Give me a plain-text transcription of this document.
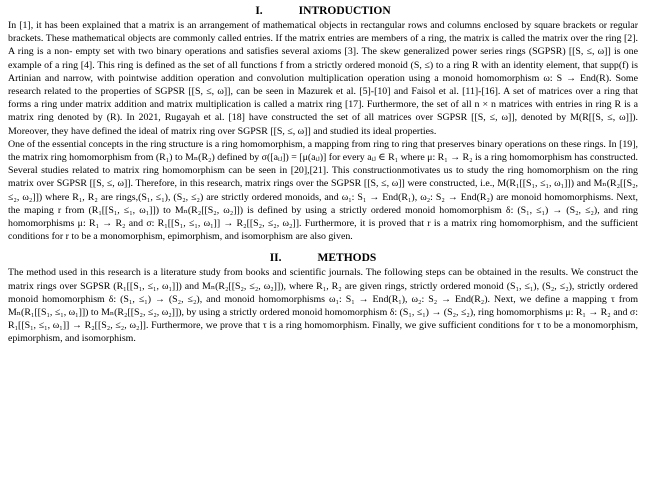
I.	INTRODUCTION

In [1], it has been explained that a matrix is an arrangement of mathematical objects in rectangular rows and columns enclosed by square brackets or regular brackets. These mathematical objects are commonly called entries. If the matrix entries are members of a ring, the matrix is called the matrix over the ring [2]. A ring is a non- empty set with two binary operations and satisfies several axioms [3]. The skew generalized power series rings (SGPSR) [[S, ≤, ω]] is one example of a ring [4]. This ring is defined as the set of all functions f from a strictly ordered monoid (S, ≤) to a ring R with an identity element, that supp(f) is Artinian and narrow, with pointwise addition operation and convolution multiplication operation using a monoid homomorphism ω: S → End(R). Some research related to the properties of SGPSR [[S, ≤, ω]], can be seen in Mazurek et al. [5]-[10] and Faisol et al. [11]-[16]. A set of matrices over a ring that forms a ring under matrix addition and matrix multiplication is called a matrix ring [17]. Furthermore, the set of all n × n matrices with entries in ring R is a matrix ring denoted by (R). In 2021, Rugayah et al. [18] have constructed the set of all matrices over SGPSR [[S, ≤, ω]], denoted by M(R[[S, ≤, ω]]). Moreover, they have defined the ideal of matrix ring over SGPSR [[S, ≤, ω]] and studied its ideal properties.

One of the essential concepts in the ring structure is a ring homomorphism, a mapping from ring to ring that preserves binary operations on these rings. In [19], the matrix ring homomorphism from (R₁) to Mₙ(R₂) defined by σ([aᵢⱼ]) = [μ(aᵢⱼ)] for every aᵢⱼ ∈ R₁ where μ: R₁ → R₂ is a ring homomorphism has constructed. Several studies related to matrix ring homomorphism can be seen in [20],[21]. This constructionmotivates us to study the ring homomorphism on the ring matrix over SGPSR [[S, ≤, ω]]. Therefore, in this research, matrix rings over the SGPSR [[S, ≤, ω]] were constructed, i.e., M(R₁[[S₁, ≤₁, ω₁]]) and Mₙ(R₂[[S₂, ≤₂, ω₂]]) where R₁, R₂ are rings,(S₁, ≤₁), (S₂, ≤₂) are strictly ordered monoids, and ω₁: S₁ → End(R₁), ω₂: S₂ → End(R₂) are monoid homomorphisms. Next, the maping r from (R₁[[S₁, ≤₁, ω₁]]) to Mₙ(R₂[[S₂, ω₂]]) is defined by using a strictly ordered monoid homomorphism δ: (S₁, ≤₁) → (S₂, ≤₂), and ring homomorphisms μ: R₁ → R₂ and σ: R₁[[S₁, ≤₁, ω₁]] → R₂[[S₂, ≤₂, ω₂]]. Furthermore, it is proved that r is a matrix ring homomorphism, and the sufficient conditions for r to be a monomorphism, epimorphism, and isomorphism are also given.

II.	METHODS

The method used in this research is a literature study from books and scientific journals. The following steps can be obtained in the results. We construct the matrix rings over SGPSR (R₁[[S₁, ≤₁, ω₁]]) and Mₙ(R₂[[S₂, ≤₂, ω₂]]), where R₁, R₂ are given rings, strictly ordered monoid (S₁, ≤₁), (S₂, ≤₂), strictly ordered monoid homomorphism δ: (S₁, ≤₁) → (S₂, ≤₂), and monoid homomorphisms ω₁: S₁ → End(R₁), ω₂: S₂ → End(R₂). Next, we define a mapping τ from Mₙ(R₁[[S₁, ≤₁, ω₁]]) to Mₙ(R₂[[S₂, ≤₂, ω₂]]), by using a strictly ordered monoid homomorphism δ: (S₁, ≤₁) → (S₂, ≤₂), ring homomorphisms μ: R₁ → R₂ and σ: R₁[[S₁, ≤₁, ω₁]] → R₂[[S₂, ≤₂, ω₂]]. Furthermore, we prove that τ is a ring homomorphism. Finally, we give sufficient conditions for τ to be a monomorphism, epimorphism, and isomorphism.
